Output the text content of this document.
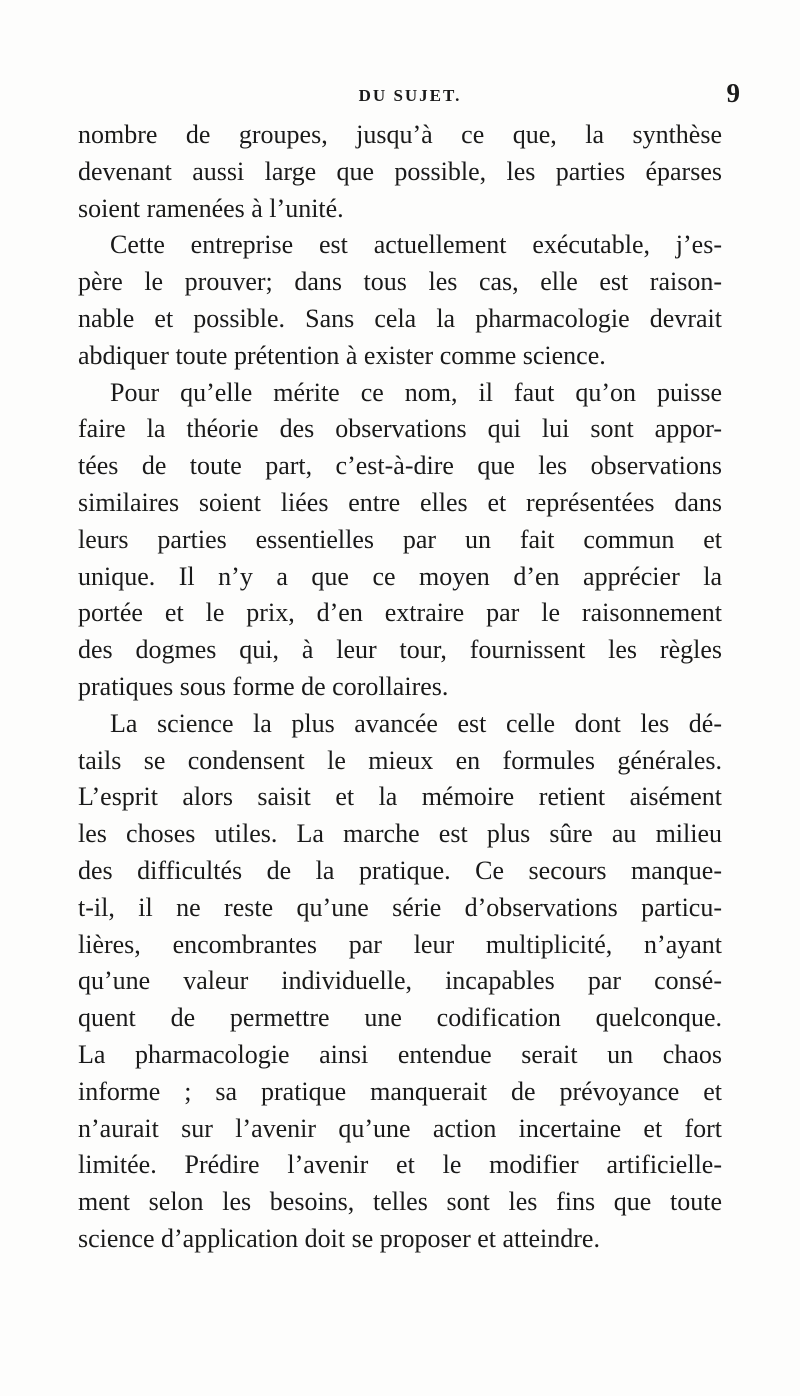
DU SUJET.	9
nombre de groupes, jusqu’à ce que, la synthèse
devenant aussi large que possible, les parties éparses
soient ramenées à l’unité.
Cette entreprise est actuellement exécutable, j’es-
père le prouver; dans tous les cas, elle est raison-
nable et possible. Sans cela la pharmacologie devrait
abdiquer toute prétention à exister comme science.
Pour qu’elle mérite ce nom, il faut qu’on puisse
faire la théorie des observations qui lui sont appor-
tées de toute part, c’est-à-dire que les observations
similaires soient liées entre elles et représentées dans
leurs parties essentielles par un fait commun et
unique. Il n’y a que ce moyen d’en apprécier la
portée et le prix, d’en extraire par le raisonnement
des dogmes qui, à leur tour, fournissent les règles
pratiques sous forme de corollaires.
La science la plus avancée est celle dont les dé-
tails se condensent le mieux en formules générales.
L’esprit alors saisit et la mémoire retient aisément
les choses utiles. La marche est plus sûre au milieu
des difficultés de la pratique. Ce secours manque-
t-il, il ne reste qu’une série d’observations particu-
lières, encombrantes par leur multiplicité, n’ayant
qu’une valeur individuelle, incapables par consé-
quent de permettre une codification quelconque.
La pharmacologie ainsi entendue serait un chaos
informe ; sa pratique manquerait de prévoyance et
n’aurait sur l’avenir qu’une action incertaine et fort
limitée. Prédire l’avenir et le modifier artificielle-
ment selon les besoins, telles sont les fins que toute
science d’application doit se proposer et atteindre.
